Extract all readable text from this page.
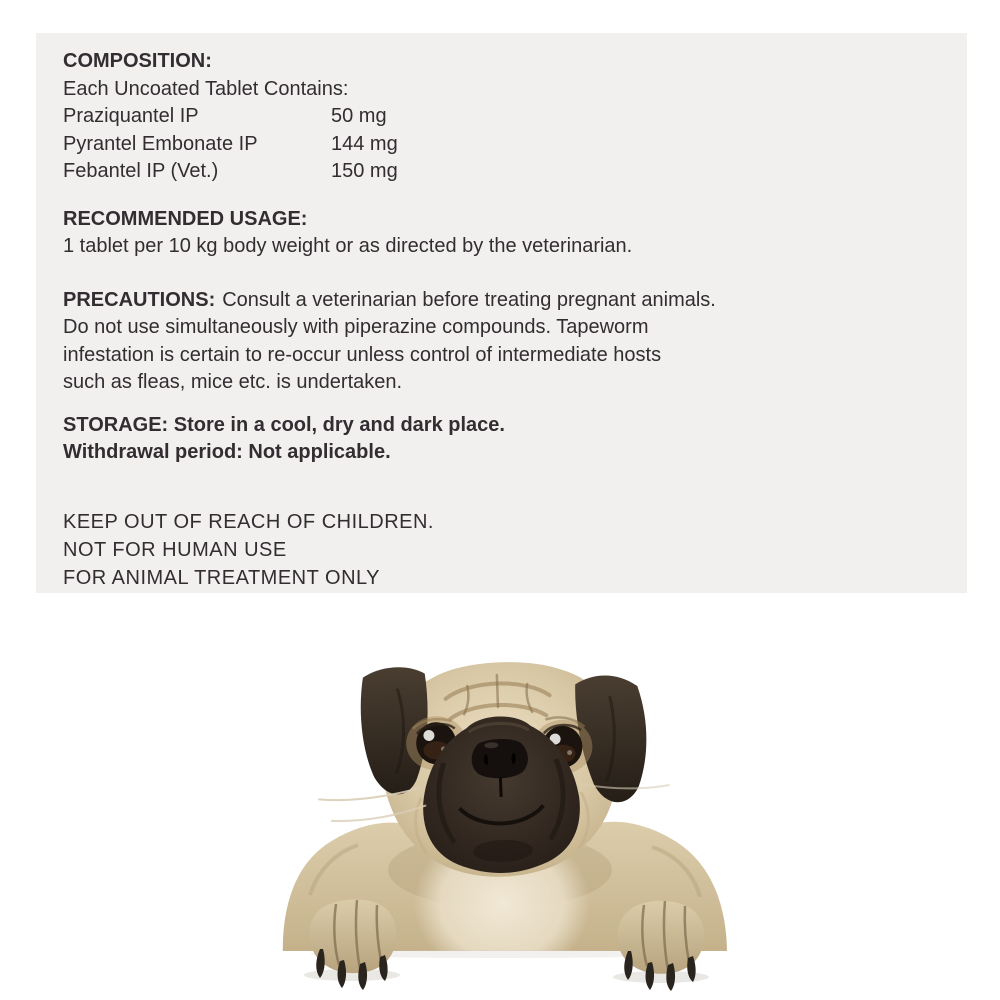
COMPOSITION:
Each Uncoated Tablet Contains:
Praziquantel IP	50 mg
Pyrantel Embonate IP	144 mg
Febantel IP (Vet.)	150 mg
RECOMMENDED USAGE:
1 tablet per 10 kg body weight or as directed by the veterinarian.
PRECAUTIONS: Consult a veterinarian before treating pregnant animals.
Do not use simultaneously with piperazine compounds. Tapeworm
infestation is certain to re-occur unless control of intermediate hosts
such as fleas, mice etc. is undertaken.
STORAGE: Store in a cool, dry and dark place.
Withdrawal period: Not applicable.
KEEP OUT OF REACH OF CHILDREN.
NOT FOR HUMAN USE
FOR ANIMAL TREATMENT ONLY
